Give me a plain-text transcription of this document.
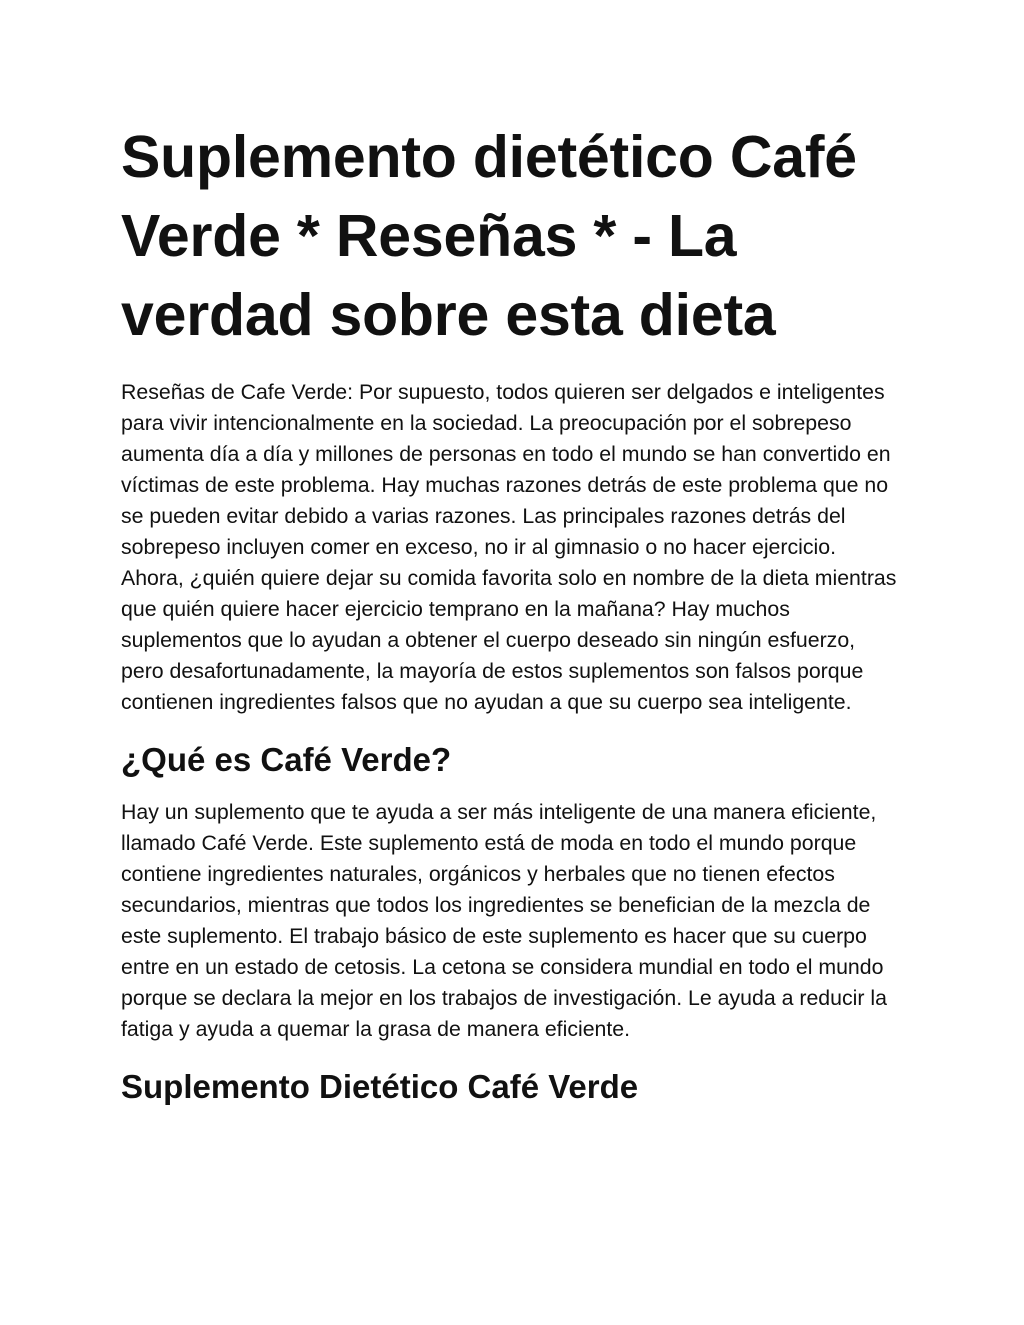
Suplemento dietético Café Verde * Reseñas * - La verdad sobre esta dieta

Reseñas de Cafe Verde: Por supuesto, todos quieren ser delgados e inteligentes para vivir intencionalmente en la sociedad. La preocupación por el sobrepeso aumenta día a día y millones de personas en todo el mundo se han convertido en víctimas de este problema. Hay muchas razones detrás de este problema que no se pueden evitar debido a varias razones. Las principales razones detrás del sobrepeso incluyen comer en exceso, no ir al gimnasio o no hacer ejercicio. Ahora, ¿quién quiere dejar su comida favorita solo en nombre de la dieta mientras que quién quiere hacer ejercicio temprano en la mañana? Hay muchos suplementos que lo ayudan a obtener el cuerpo deseado sin ningún esfuerzo, pero desafortunadamente, la mayoría de estos suplementos son falsos porque contienen ingredientes falsos que no ayudan a que su cuerpo sea inteligente.

¿Qué es Café Verde?

Hay un suplemento que te ayuda a ser más inteligente de una manera eficiente, llamado Café Verde. Este suplemento está de moda en todo el mundo porque contiene ingredientes naturales, orgánicos y herbales que no tienen efectos secundarios, mientras que todos los ingredientes se benefician de la mezcla de este suplemento. El trabajo básico de este suplemento es hacer que su cuerpo entre en un estado de cetosis. La cetona se considera mundial en todo el mundo porque se declara la mejor en los trabajos de investigación. Le ayuda a reducir la fatiga y ayuda a quemar la grasa de manera eficiente.

Suplemento Dietético Café Verde
